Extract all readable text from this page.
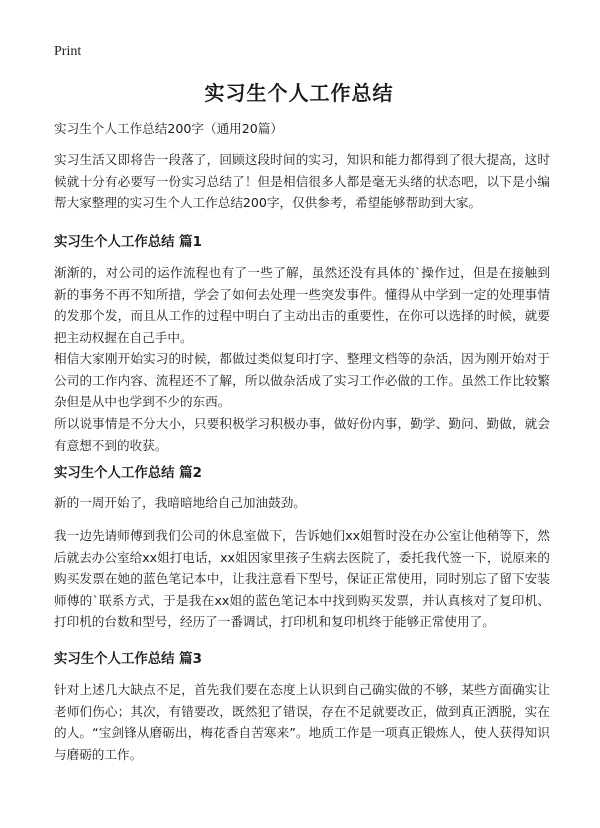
Print
实习生个人工作总结

实习生个人工作总结200字（通用20篇）

实习生活又即将告一段落了，回顾这段时间的实习，知识和能力都得到了很大提高，这时候就十分有必要写一份实习总结了！但是相信很多人都是毫无头绪的状态吧，以下是小编帮大家整理的实习生个人工作总结200字，仅供参考，希望能够帮助到大家。

实习生个人工作总结 篇1

渐渐的，对公司的运作流程也有了一些了解，虽然还没有具体的`操作过，但是在接触到新的事务不再不知所措，学会了如何去处理一些突发事件。懂得从中学到一定的处理事情的发那个发，而且从工作的过程中明白了主动出击的重要性，在你可以选择的时候，就要把主动权握在自己手中。

相信大家刚开始实习的时候，都做过类似复印打字、整理文档等的杂活，因为刚开始对于公司的工作内容、流程还不了解，所以做杂活成了实习工作必做的工作。虽然工作比较繁杂但是从中也学到不少的东西。

所以说事情是不分大小，只要积极学习积极办事，做好份内事，勤学、勤问、勤做，就会有意想不到的收获。

实习生个人工作总结 篇2

新的一周开始了，我暗暗地给自己加油鼓劲。

我一边先请师傅到我们公司的休息室做下，告诉她们xx姐暂时没在办公室让他稍等下，然后就去办公室给xx姐打电话，xx姐因家里孩子生病去医院了，委托我代签一下，说原来的购买发票在她的蓝色笔记本中，让我注意看下型号，保证正常使用，同时别忘了留下安装师傅的`联系方式，于是我在xx姐的蓝色笔记本中找到购买发票，并认真核对了复印机、打印机的台数和型号，经历了一番调试，打印机和复印机终于能够正常使用了。

实习生个人工作总结 篇3

针对上述几大缺点不足，首先我们要在态度上认识到自己确实做的不够，某些方面确实让老师们伤心；其次，有错要改，既然犯了错误，存在不足就要改正，做到真正洒脱，实在的人。“宝剑锋从磨砺出，梅花香自苦寒来”。地质工作是一项真正锻炼人，使人获得知识与磨砺的工作。
